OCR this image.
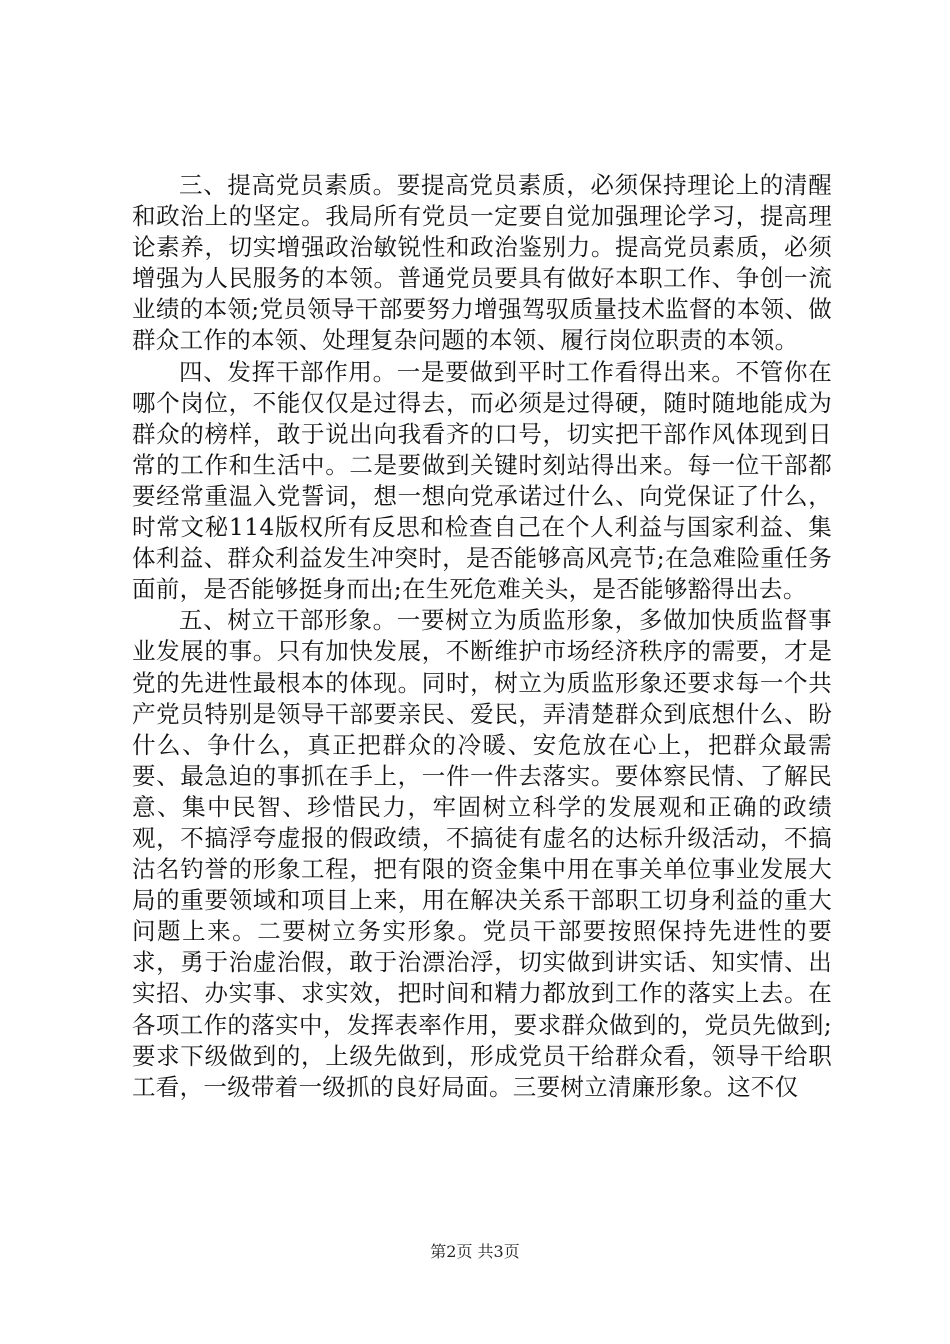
三、提高党员素质。要提高党员素质，必须保持理论上的清醒和政治上的坚定。我局所有党员一定要自觉加强理论学习，提高理论素养，切实增强政治敏锐性和政治鉴别力。提高党员素质，必须增强为人民服务的本领。普通党员要具有做好本职工作、争创一流业绩的本领;党员领导干部要努力增强驾驭质量技术监督的本领、做群众工作的本领、处理复杂问题的本领、履行岗位职责的本领。

四、发挥干部作用。一是要做到平时工作看得出来。不管你在哪个岗位，不能仅仅是过得去，而必须是过得硬，随时随地能成为群众的榜样，敢于说出向我看齐的口号，切实把干部作风体现到日常的工作和生活中。二是要做到关键时刻站得出来。每一位干部都要经常重温入党誓词，想一想向党承诺过什么、向党保证了什么，时常文秘114版权所有反思和检查自己在个人利益与国家利益、集体利益、群众利益发生冲突时，是否能够高风亮节;在急难险重任务面前，是否能够挺身而出;在生死危难关头，是否能够豁得出去。

五、树立干部形象。一要树立为质监形象，多做加快质监督事业发展的事。只有加快发展，不断维护市场经济秩序的需要，才是党的先进性最根本的体现。同时，树立为质监形象还要求每一个共产党员特别是领导干部要亲民、爱民，弄清楚群众到底想什么、盼什么、争什么，真正把群众的冷暖、安危放在心上，把群众最需要、最急迫的事抓在手上，一件一件去落实。要体察民情、了解民意、集中民智、珍惜民力，牢固树立科学的发展观和正确的政绩观，不搞浮夸虚报的假政绩，不搞徒有虚名的达标升级活动，不搞沽名钓誉的形象工程，把有限的资金集中用在事关单位事业发展大局的重要领域和项目上来，用在解决关系干部职工切身利益的重大问题上来。二要树立务实形象。党员干部要按照保持先进性的要求，勇于治虚治假，敢于治漂治浮，切实做到讲实话、知实情、出实招、办实事、求实效，把时间和精力都放到工作的落实上去。在各项工作的落实中，发挥表率作用，要求群众做到的，党员先做到;要求下级做到的，上级先做到，形成党员干给群众看，领导干给职工看，一级带着一级抓的良好局面。三要树立清廉形象。这不仅

第2页 共3页
